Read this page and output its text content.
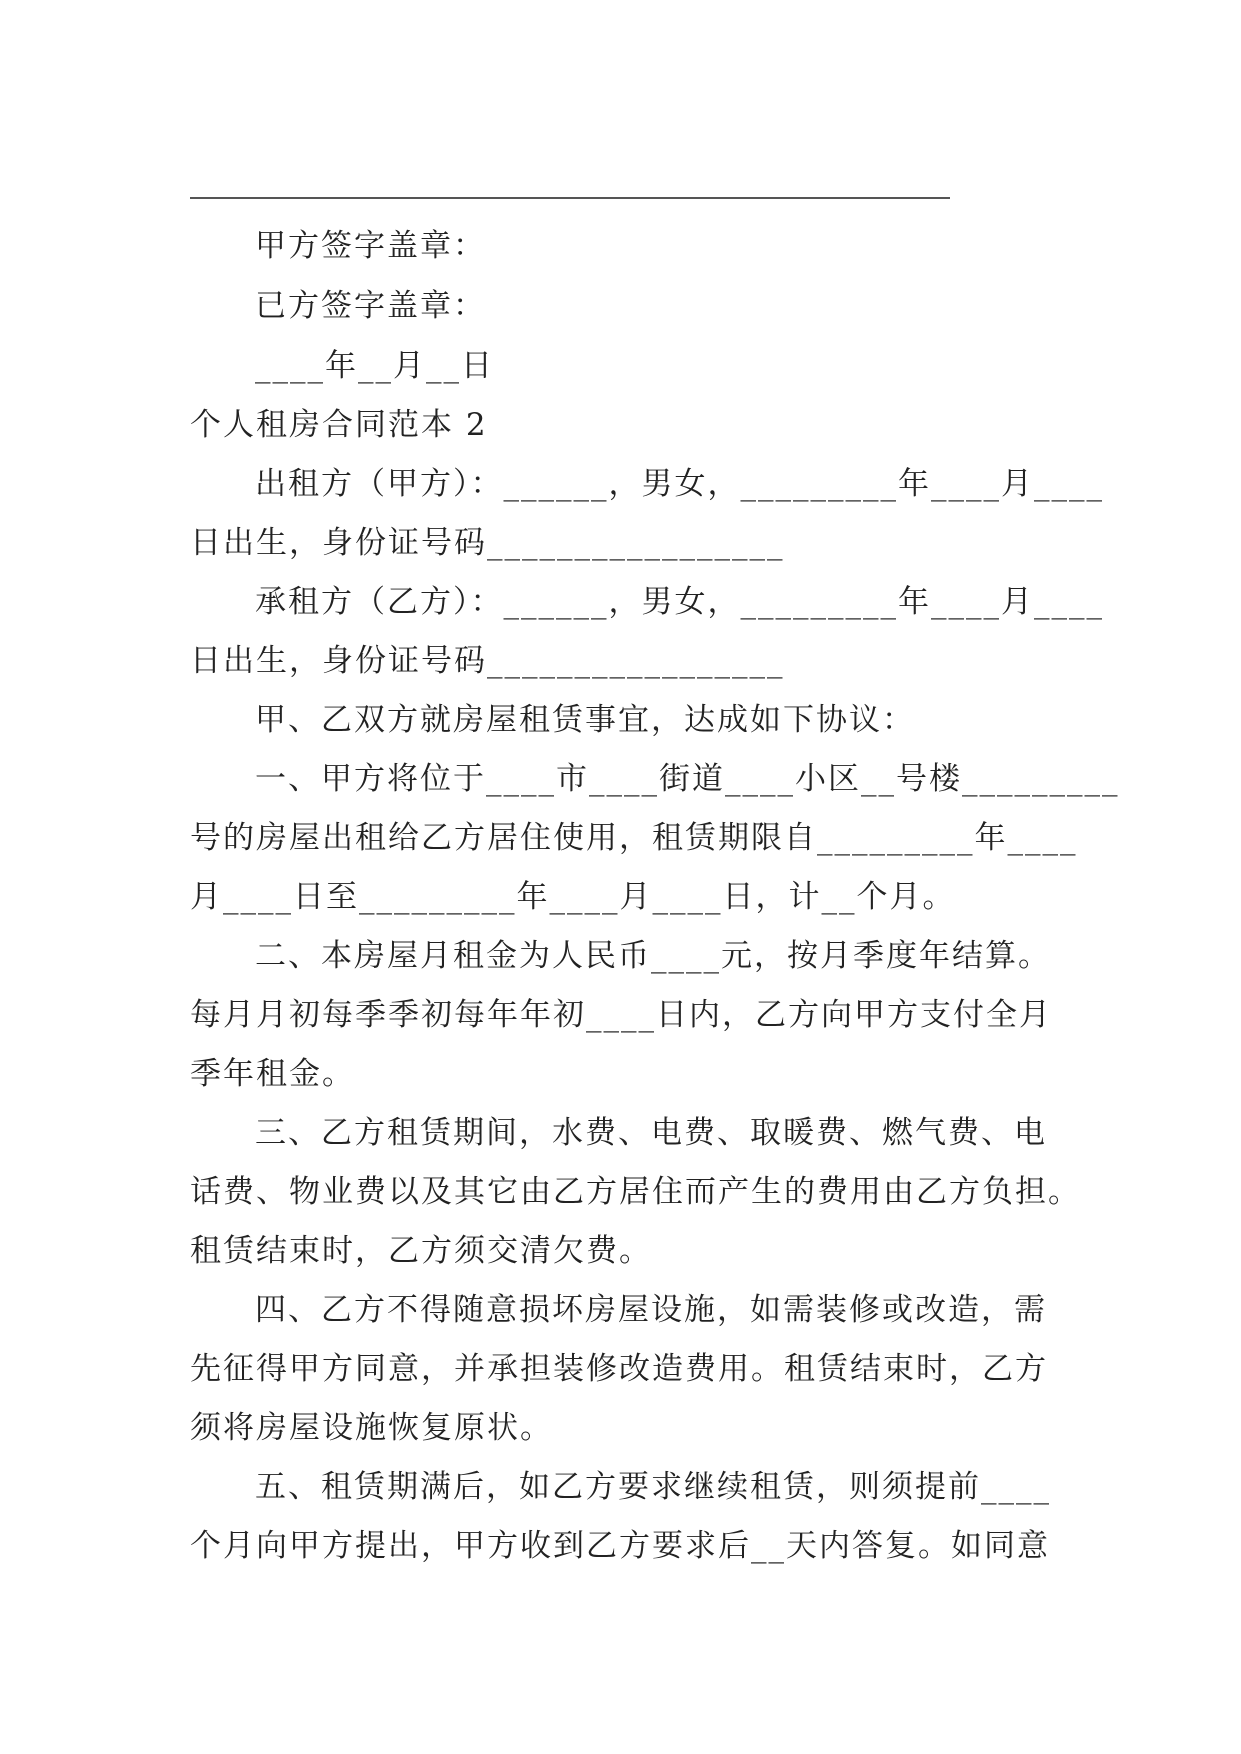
甲方签字盖章：
已方签字盖章：
____年__月__日
个人租房合同范本 2
出租方（甲方）：______，男女，_________年____月____
日出生，身份证号码_________________
承租方（乙方）：______，男女，_________年____月____
日出生，身份证号码_________________
甲、乙双方就房屋租赁事宜，达成如下协议：
一、甲方将位于____市____街道____小区__号楼_________
号的房屋出租给乙方居住使用，租赁期限自_________年____
月____日至_________年____月____日，计__个月。
二、本房屋月租金为人民币____元，按月季度年结算。
每月月初每季季初每年年初____日内，乙方向甲方支付全月
季年租金。
三、乙方租赁期间，水费、电费、取暖费、燃气费、电
话费、物业费以及其它由乙方居住而产生的费用由乙方负担。
租赁结束时，乙方须交清欠费。
四、乙方不得随意损坏房屋设施，如需装修或改造，需
先征得甲方同意，并承担装修改造费用。租赁结束时，乙方
须将房屋设施恢复原状。
五、租赁期满后，如乙方要求继续租赁，则须提前____
个月向甲方提出，甲方收到乙方要求后__天内答复。如同意
